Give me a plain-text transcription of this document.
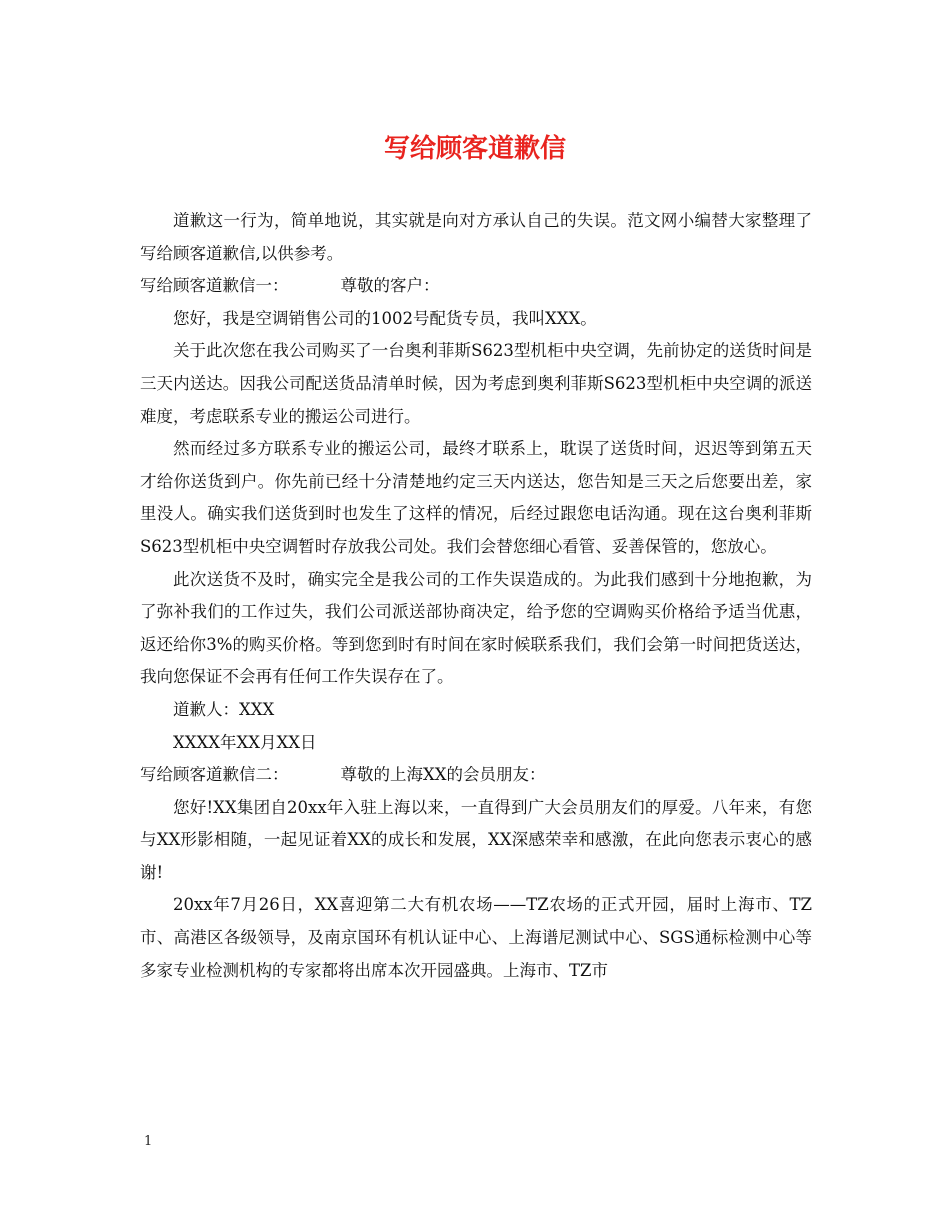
写给顾客道歉信

道歉这一行为，简单地说，其实就是向对方承认自己的失误。范文网小编替大家整理了写给顾客道歉信,以供参考。

写给顾客道歉信一：	尊敬的客户：

您好，我是空调销售公司的1002号配货专员，我叫XXX。

关于此次您在我公司购买了一台奥利菲斯S623型机柜中央空调，先前协定的送货时间是三天内送达。因我公司配送货品清单时候，因为考虑到奥利菲斯S623型机柜中央空调的派送难度，考虑联系专业的搬运公司进行。

然而经过多方联系专业的搬运公司，最终才联系上，耽误了送货时间，迟迟等到第五天才给你送货到户。你先前已经十分清楚地约定三天内送达，您告知是三天之后您要出差，家里没人。确实我们送货到时也发生了这样的情况，后经过跟您电话沟通。现在这台奥利菲斯S623型机柜中央空调暂时存放我公司处。我们会替您细心看管、妥善保管的，您放心。

此次送货不及时，确实完全是我公司的工作失误造成的。为此我们感到十分地抱歉，为了弥补我们的工作过失，我们公司派送部协商决定，给予您的空调购买价格给予适当优惠，返还给你3%的购买价格。等到您到时有时间在家时候联系我们，我们会第一时间把货送达，我向您保证不会再有任何工作失误存在了。

道歉人：XXX

XXXX年XX月XX日

写给顾客道歉信二：	尊敬的上海XX的会员朋友：

您好!XX集团自20xx年入驻上海以来，一直得到广大会员朋友们的厚爱。八年来，有您与XX形影相随，一起见证着XX的成长和发展，XX深感荣幸和感激，在此向您表示衷心的感谢!

20xx年7月26日，XX喜迎第二大有机农场——TZ农场的正式开园，届时上海市、TZ市、高港区各级领导，及南京国环有机认证中心、上海谱尼测试中心、SGS通标检测中心等多家专业检测机构的专家都将出席本次开园盛典。上海市、TZ市

1
